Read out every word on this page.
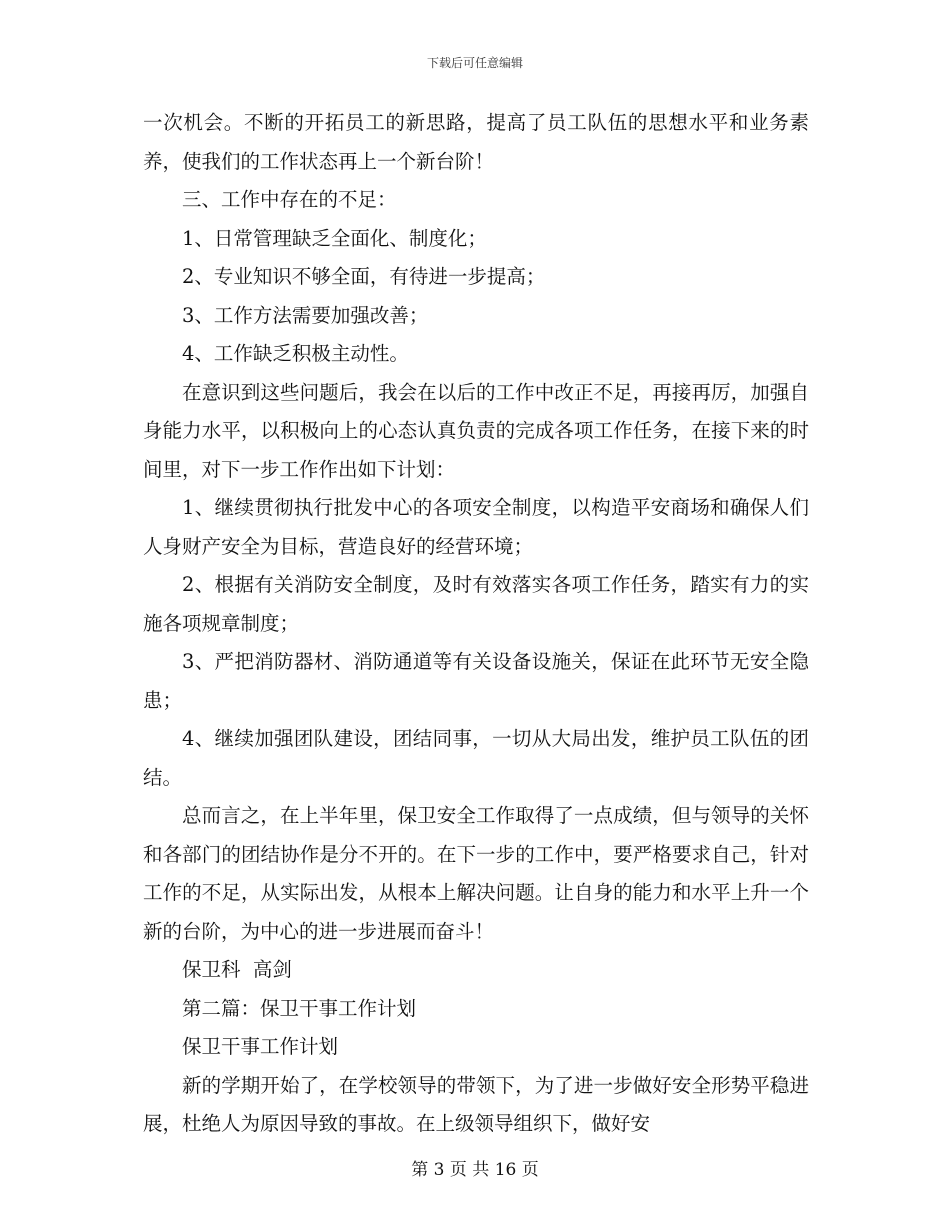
下载后可任意编辑

一次机会。不断的开拓员工的新思路，提高了员工队伍的思想水平和业务素养，使我们的工作状态再上一个新台阶！

三、工作中存在的不足：

1、日常管理缺乏全面化、制度化；

2、专业知识不够全面，有待进一步提高；

3、工作方法需要加强改善；

4、工作缺乏积极主动性。

在意识到这些问题后，我会在以后的工作中改正不足，再接再厉，加强自身能力水平，以积极向上的心态认真负责的完成各项工作任务，在接下来的时间里，对下一步工作作出如下计划：

1、继续贯彻执行批发中心的各项安全制度，以构造平安商场和确保人们人身财产安全为目标，营造良好的经营环境；

2、根据有关消防安全制度，及时有效落实各项工作任务，踏实有力的实施各项规章制度；

3、严把消防器材、消防通道等有关设备设施关，保证在此环节无安全隐患；

4、继续加强团队建设，团结同事，一切从大局出发，维护员工队伍的团结。

总而言之，在上半年里，保卫安全工作取得了一点成绩，但与领导的关怀和各部门的团结协作是分不开的。在下一步的工作中，要严格要求自己，针对工作的不足，从实际出发，从根本上解决问题。让自身的能力和水平上升一个新的台阶，为中心的进一步进展而奋斗！

保卫科  高剑

第二篇：保卫干事工作计划

保卫干事工作计划

新的学期开始了，在学校领导的带领下，为了进一步做好安全形势平稳进展，杜绝人为原因导致的事故。在上级领导组织下，做好安

第 3 页 共 16 页
